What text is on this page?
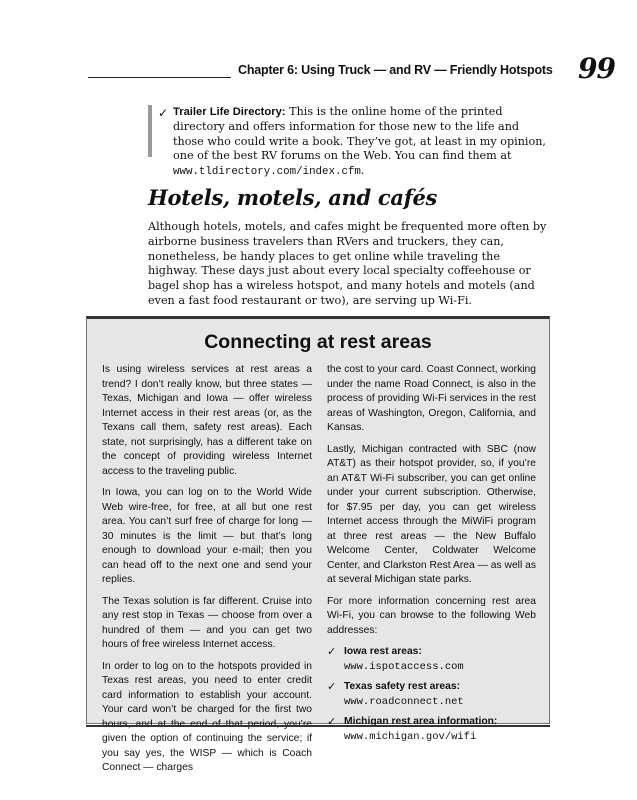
Chapter 6: Using Truck — and RV — Friendly Hotspots 99
✓ Trailer Life Directory: This is the online home of the printed directory and offers information for those new to the life and those who could write a book. They’ve got, at least in my opinion, one of the best RV forums on the Web. You can find them at www.tldirectory.com/index.cfm.
Hotels, motels, and cafés

Although hotels, motels, and cafes might be frequented more often by airborne business travelers than RVers and truckers, they can, nonetheless, be handy places to get online while traveling the highway. These days just about every local specialty coffeehouse or bagel shop has a wireless hotspot, and many hotels and motels (and even a fast food restaurant or two), are serving up Wi-Fi.

Connecting at rest areas

Is using wireless services at rest areas a trend? I don’t really know, but three states — Texas, Michigan and Iowa — offer wireless Internet access in their rest areas (or, as the Texans call them, safety rest areas). Each state, not surprisingly, has a different take on the concept of providing wireless Internet access to the traveling public.

In Iowa, you can log on to the World Wide Web wire-free, for free, at all but one rest area. You can’t surf free of charge for long — 30 minutes is the limit — but that’s long enough to download your e-mail; then you can head off to the next one and send your replies.

The Texas solution is far different. Cruise into any rest stop in Texas — choose from over a hundred of them — and you can get two hours of free wireless Internet access.

In order to log on to the hotspots provided in Texas rest areas, you need to enter credit card information to establish your account. Your card won’t be charged for the first two hours, and at the end of that period, you’re given the option of continuing the service; if you say yes, the WISP — which is Coach Connect — charges

the cost to your card. Coast Connect, working under the name Road Connect, is also in the process of providing Wi-Fi services in the rest areas of Washington, Oregon, California, and Kansas.

Lastly, Michigan contracted with SBC (now AT&T) as their hotspot provider, so, if you’re an AT&T Wi-Fi subscriber, you can get online under your current subscription. Otherwise, for $7.95 per day, you can get wireless Internet access through the MiWiFi program at three rest areas — the New Buffalo Welcome Center, Coldwater Welcome Center, and Clarkston Rest Area — as well as at several Michigan state parks.

For more information concerning rest area Wi-Fi, you can browse to the following Web addresses:

✓ Iowa rest areas: www.ispotaccess.com
✓ Texas safety rest areas: www.roadconnect.net
✓ Michigan rest area information: www.michigan.gov/wifi
